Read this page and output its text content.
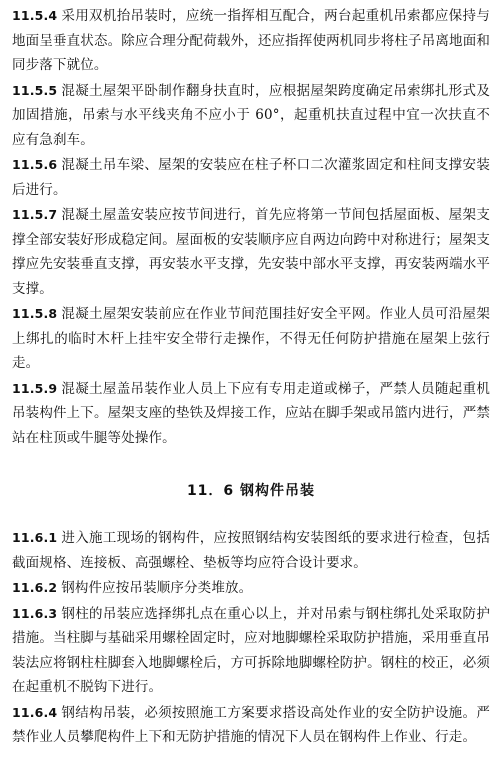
11.5.4 采用双机抬吊装时，应统一指挥相互配合，两台起重机吊索都应保持与地面呈垂直状态。除应合理分配荷载外，还应指挥使两机同步将柱子吊离地面和同步落下就位。

11.5.5 混凝土屋架平卧制作翻身扶直时，应根据屋架跨度确定吊索绑扎形式及加固措施，吊索与水平线夹角不应小于 60°，起重机扶直过程中宜一次扶直不应有急刹车。

11.5.6 混凝土吊车梁、屋架的安装应在柱子杯口二次灌浆固定和柱间支撑安装后进行。

11.5.7 混凝土屋盖安装应按节间进行，首先应将第一节间包括屋面板、屋架支撑全部安装好形成稳定间。屋面板的安装顺序应自两边向跨中对称进行；屋架支撑应先安装垂直支撑，再安装水平支撑，先安装中部水平支撑，再安装两端水平支撑。

11.5.8 混凝土屋架安装前应在作业节间范围挂好安全平网。作业人员可沿屋架上绑扎的临时木杆上挂牢安全带行走操作，不得无任何防护措施在屋架上弦行走。

11.5.9 混凝土屋盖吊装作业人员上下应有专用走道或梯子，严禁人员随起重机吊装构件上下。屋架支座的垫铁及焊接工作，应站在脚手架或吊篮内进行，严禁站在柱顶或牛腿等处操作。

11．6 钢构件吊装

11.6.1 进入施工现场的钢构件，应按照钢结构安装图纸的要求进行检查，包括截面规格、连接板、高强螺栓、垫板等均应符合设计要求。

11.6.2 钢构件应按吊装顺序分类堆放。

11.6.3 钢柱的吊装应选择绑扎点在重心以上，并对吊索与钢柱绑扎处采取防护措施。当柱脚与基础采用螺栓固定时，应对地脚螺栓采取防护措施，采用垂直吊装法应将钢柱柱脚套入地脚螺栓后，方可拆除地脚螺栓防护。钢柱的校正，必须在起重机不脱钩下进行。

11.6.4 钢结构吊装，必须按照施工方案要求搭设高处作业的安全防护设施。严禁作业人员攀爬构件上下和无防护措施的情况下人员在钢构件上作业、行走。
